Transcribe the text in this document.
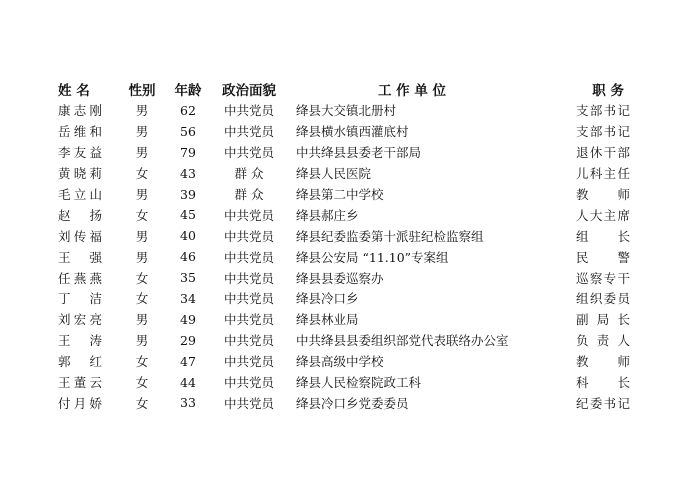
姓 名	性别	年龄	政治面貌	工 作 单 位	职 务
康志刚	男	62	中共党员	绛县大交镇北册村	支部书记
岳维和	男	56	中共党员	绛县横水镇西灌底村	支部书记
李友益	男	79	中共党员	中共绛县县委老干部局	退休干部
黄晓莉	女	43	群 众	绛县人民医院	儿科主任
毛立山	男	39	群 众	绛县第二中学校	教 师
赵 扬	女	45	中共党员	绛县郝庄乡	人大主席
刘传福	男	40	中共党员	绛县纪委监委第十派驻纪检监察组	组 长
王 强	男	46	中共党员	绛县公安局 “11.10”专案组	民 警
任燕燕	女	35	中共党员	绛县县委巡察办	巡察专干
丁 洁	女	34	中共党员	绛县冷口乡	组织委员
刘宏亮	男	49	中共党员	绛县林业局	副局长
王 涛	男	29	中共党员	中共绛县县委组织部党代表联络办公室	负责人
郭 红	女	47	中共党员	绛县高级中学校	教 师
王董云	女	44	中共党员	绛县人民检察院政工科	科 长
付月娇	女	33	中共党员	绛县冷口乡党委委员	纪委书记
